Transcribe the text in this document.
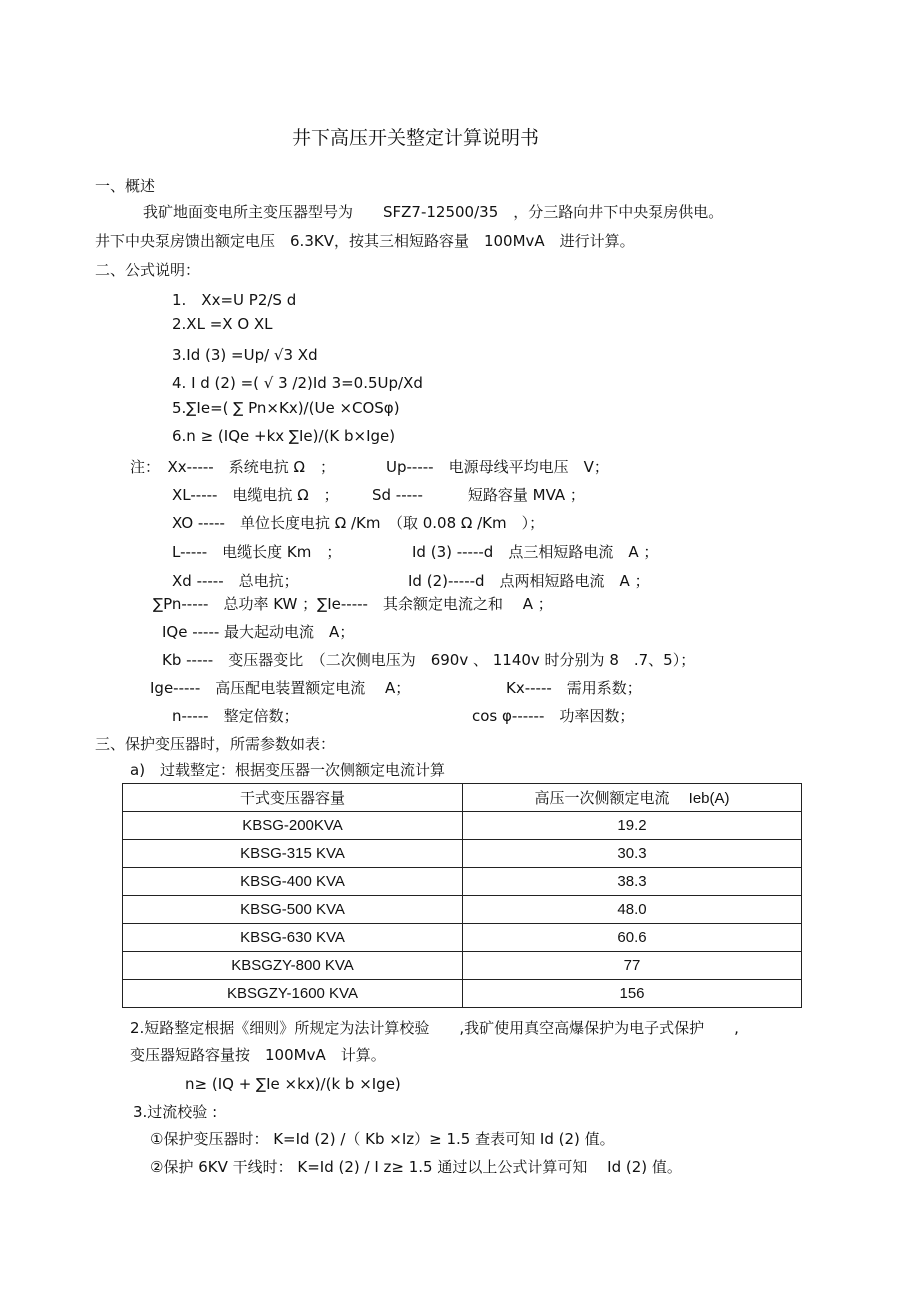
井下高压开关整定计算说明书
一、概述
我矿地面变电所主变压器型号为　　SFZ7-12500/35　，分三路向井下中央泵房供电。
井下中央泵房馈出额定电压　6.3KV，按其三相短路容量　100MvA　进行计算。
二、公式说明：
1.　Xx=U P2/S d
2.XL =X O XL
3.Id (3) =Up/ √3 Xd
4. I d (2) =( √ 3 /2)Id 3=0.5Up/Xd
5.∑Ie=( ∑ Pn×Kx)/(Ue ×COSφ)
6.n ≥ (IQe +kx ∑Ie)/(K b×Ige)
注：　Xx-----　系统电抗 Ω　；	Up-----　电源母线平均电压　V；
XL-----　电缆电抗 Ω　； Sd -----　　　短路容量 MVA ；
XO -----　单位长度电抗 Ω /Km　（取 0.08 Ω /Km　）；
L-----　电缆长度 Km　；	Id (3) -----d　点三相短路电流　A ；
Xd -----　总电抗；	Id (2)-----d　点两相短路电流　A ；
∑Pn-----　总功率 KW ；∑Ie-----　其余额定电流之和　 A ；
IQe ----- 最大起动电流　A；
Kb -----　变压器变比　（二次侧电压为　690v 、 1140v 时分别为 8　.7、5）；
Ige-----　高压配电装置额定电流　 A；	Kx-----　需用系数；
n-----　整定倍数；	cos φ------　功率因数；
三、保护变压器时，所需参数如表：
a)　过载整定：根据变压器一次侧额定电流计算
干式变压器容量	高压一次侧额定电流　 Ieb(A)
KBSG-200KVA	19.2
KBSG-315 KVA	30.3
KBSG-400 KVA	38.3
KBSG-500 KVA	48.0
KBSG-630 KVA	60.6
KBSGZY-800 KVA	77
KBSGZY-1600 KVA	156
2.短路整定根据《细则》所规定为法计算校验　　,我矿使用真空高爆保护为电子式保护　　,
变压器短路容量按　100MvA　计算。
n≥ (IQ + ∑Ie ×kx)/(k b ×Ige)
3.过流校验 :
①保护变压器时： K=Id (2) /（ Kb ×Iz）≥ 1.5 查表可知 Id (2) 值。
②保护 6KV 干线时： K=Id (2) / I z≥ 1.5 通过以上公式计算可知　 Id (2) 值。
